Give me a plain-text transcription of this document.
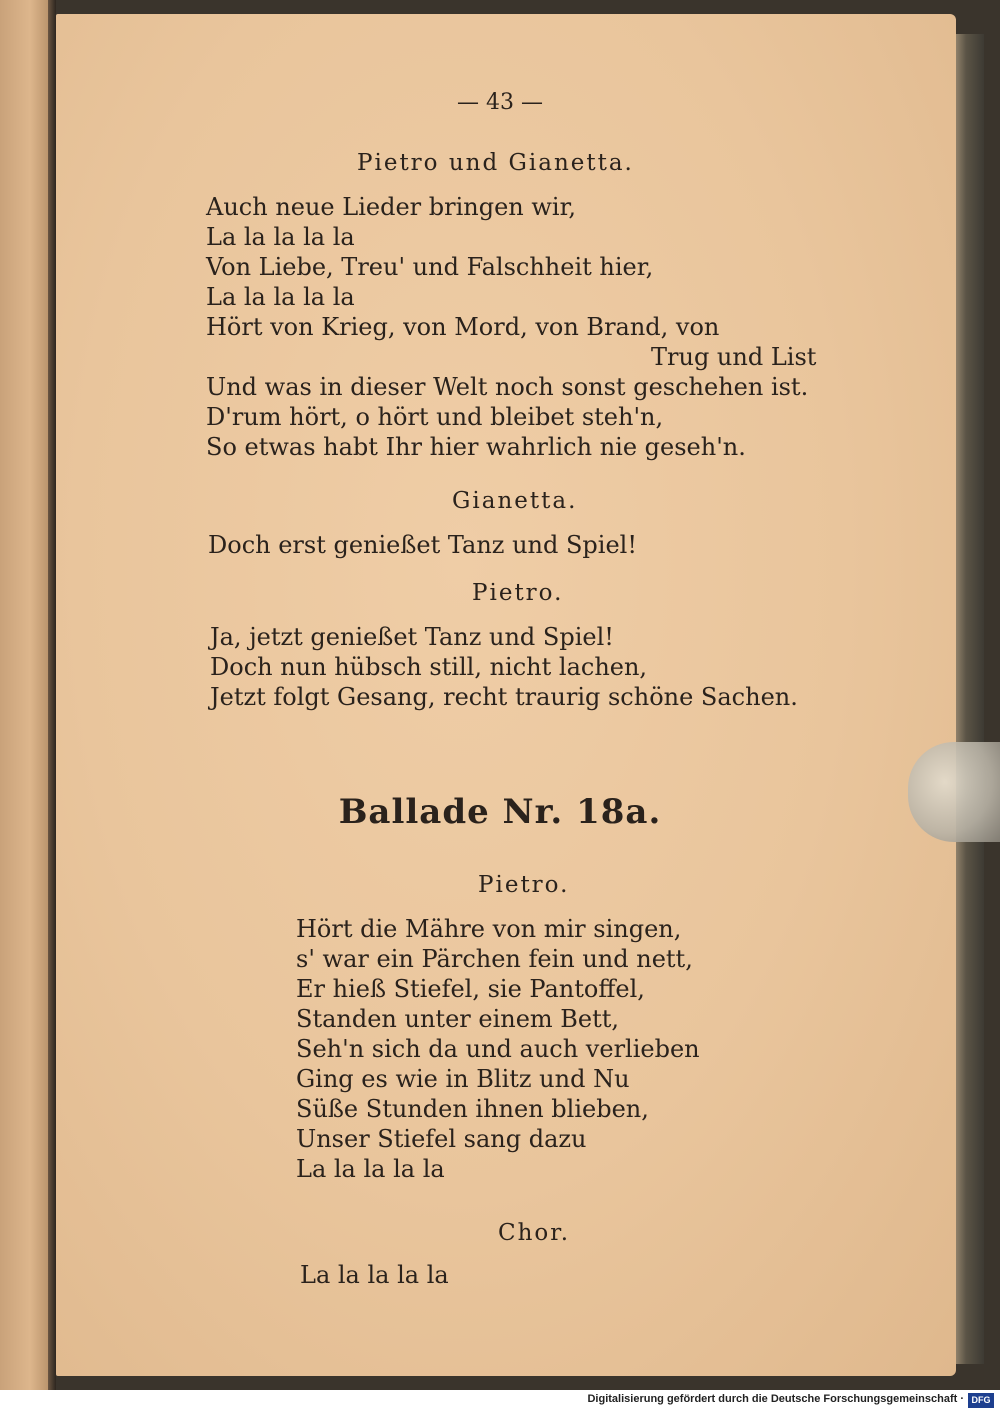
— 43 —
Pietro und Gianetta.
Auch neue Lieder bringen wir,
La la la la la
Von Liebe, Treu' und Falschheit hier,
La la la la la
Hört von Krieg, von Mord, von Brand, von
Trug und List
Und was in dieser Welt noch sonst geschehen ist.
D'rum hört, o hört und bleibet steh'n,
So etwas habt Ihr hier wahrlich nie geseh'n.
Gianetta.
Doch erst genießet Tanz und Spiel!
Pietro.
Ja, jetzt genießet Tanz und Spiel!
Doch nun hübsch still, nicht lachen,
Jetzt folgt Gesang, recht traurig schöne Sachen.
Ballade Nr. 18a.
Pietro.
Hört die Mähre von mir singen,
s' war ein Pärchen fein und nett,
Er hieß Stiefel, sie Pantoffel,
Standen unter einem Bett,
Seh'n sich da und auch verlieben
Ging es wie in Blitz und Nu
Süße Stunden ihnen blieben,
Unser Stiefel sang dazu
La la la la la
Chor.
La la la la la
Digitalisierung gefördert durch die Deutsche Forschungsgemeinschaft · DFG
